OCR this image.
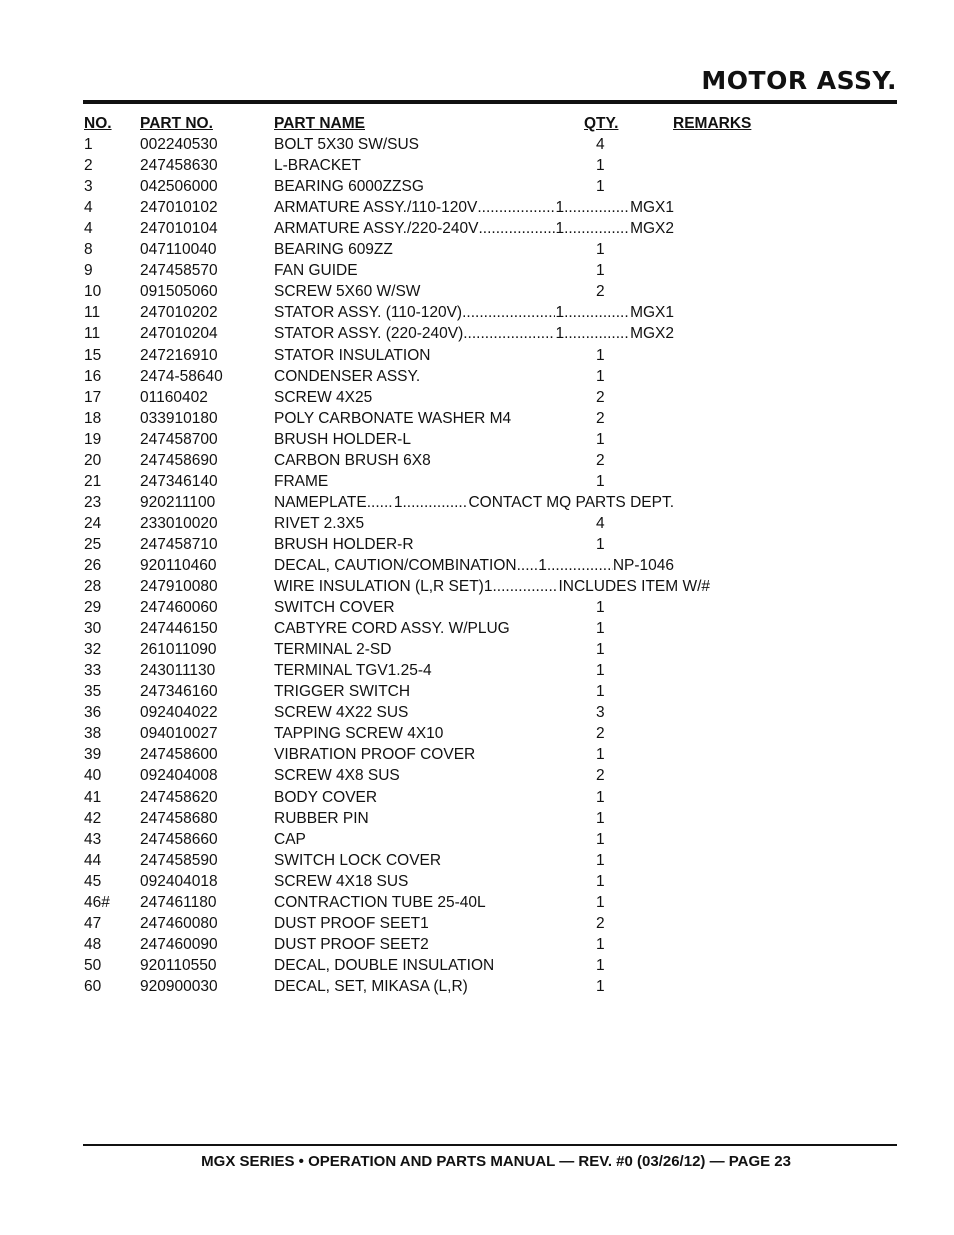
MOTOR ASSY.
NO. PART NO.	PART NAME	QTY.	REMARKS
1	002240530	BOLT 5X30 SW/SUS	4
2	247458630	L-BRACKET	1
3	042506000	BEARING 6000ZZSG	1
4	247010102	ARMATURE ASSY./110-120V .....	1 .....	MGX1
4	247010104	ARMATURE ASSY./220-240V .....	1 .....	MGX2
8	047110040	BEARING 609ZZ	1
9	247458570	FAN GUIDE	1
10	091505060	SCREW 5X60 W/SW	2
11	247010202	STATOR ASSY. (110-120V) .....	1 .....	MGX1
11	247010204	STATOR ASSY. (220-240V) .....	1 .....	MGX2
15	247216910	STATOR INSULATION	1
16	2474-58640	CONDENSER ASSY.	1
17	01160402	SCREW 4X25	2
18	033910180	POLY CARBONATE WASHER M4	2
19	247458700	BRUSH HOLDER-L	1
20	247458690	CARBON BRUSH 6X8	2
21	247346140	FRAME	1
23	920211100	NAMEPLATE ..... 1 .....	CONTACT MQ PARTS DEPT.
24	233010020	RIVET 2.3X5	4
25	247458710	BRUSH HOLDER-R	1
26	920110460	DECAL, CAUTION/COMBINATION ..... 1 .....	NP-1046
28	247910080	WIRE INSULATION (L,R SET) 1 .....	INCLUDES ITEM W/#
29	247460060	SWITCH COVER	1
30	247446150	CABTYRE CORD ASSY. W/PLUG	1
32	261011090	TERMINAL 2-SD	1
33	243011130	TERMINAL TGV1.25-4	1
35	247346160	TRIGGER SWITCH	1
36	092404022	SCREW 4X22 SUS	3
38	094010027	TAPPING SCREW 4X10	2
39	247458600	VIBRATION PROOF COVER	1
40	092404008	SCREW 4X8 SUS	2
41	247458620	BODY COVER	1
42	247458680	RUBBER PIN	1
43	247458660	CAP	1
44	247458590	SWITCH LOCK COVER	1
45	092404018	SCREW 4X18 SUS	1
46# 247461180	CONTRACTION TUBE 25-40L	1
47	247460080	DUST PROOF SEET1	2
48	247460090	DUST PROOF SEET2	1
50	920110550	DECAL, DOUBLE INSULATION	1
60	920900030	DECAL, SET, MIKASA (L,R)	1
MGX SERIES • OPERATION AND PARTS MANUAL — REV. #0 (03/26/12) — PAGE 23
